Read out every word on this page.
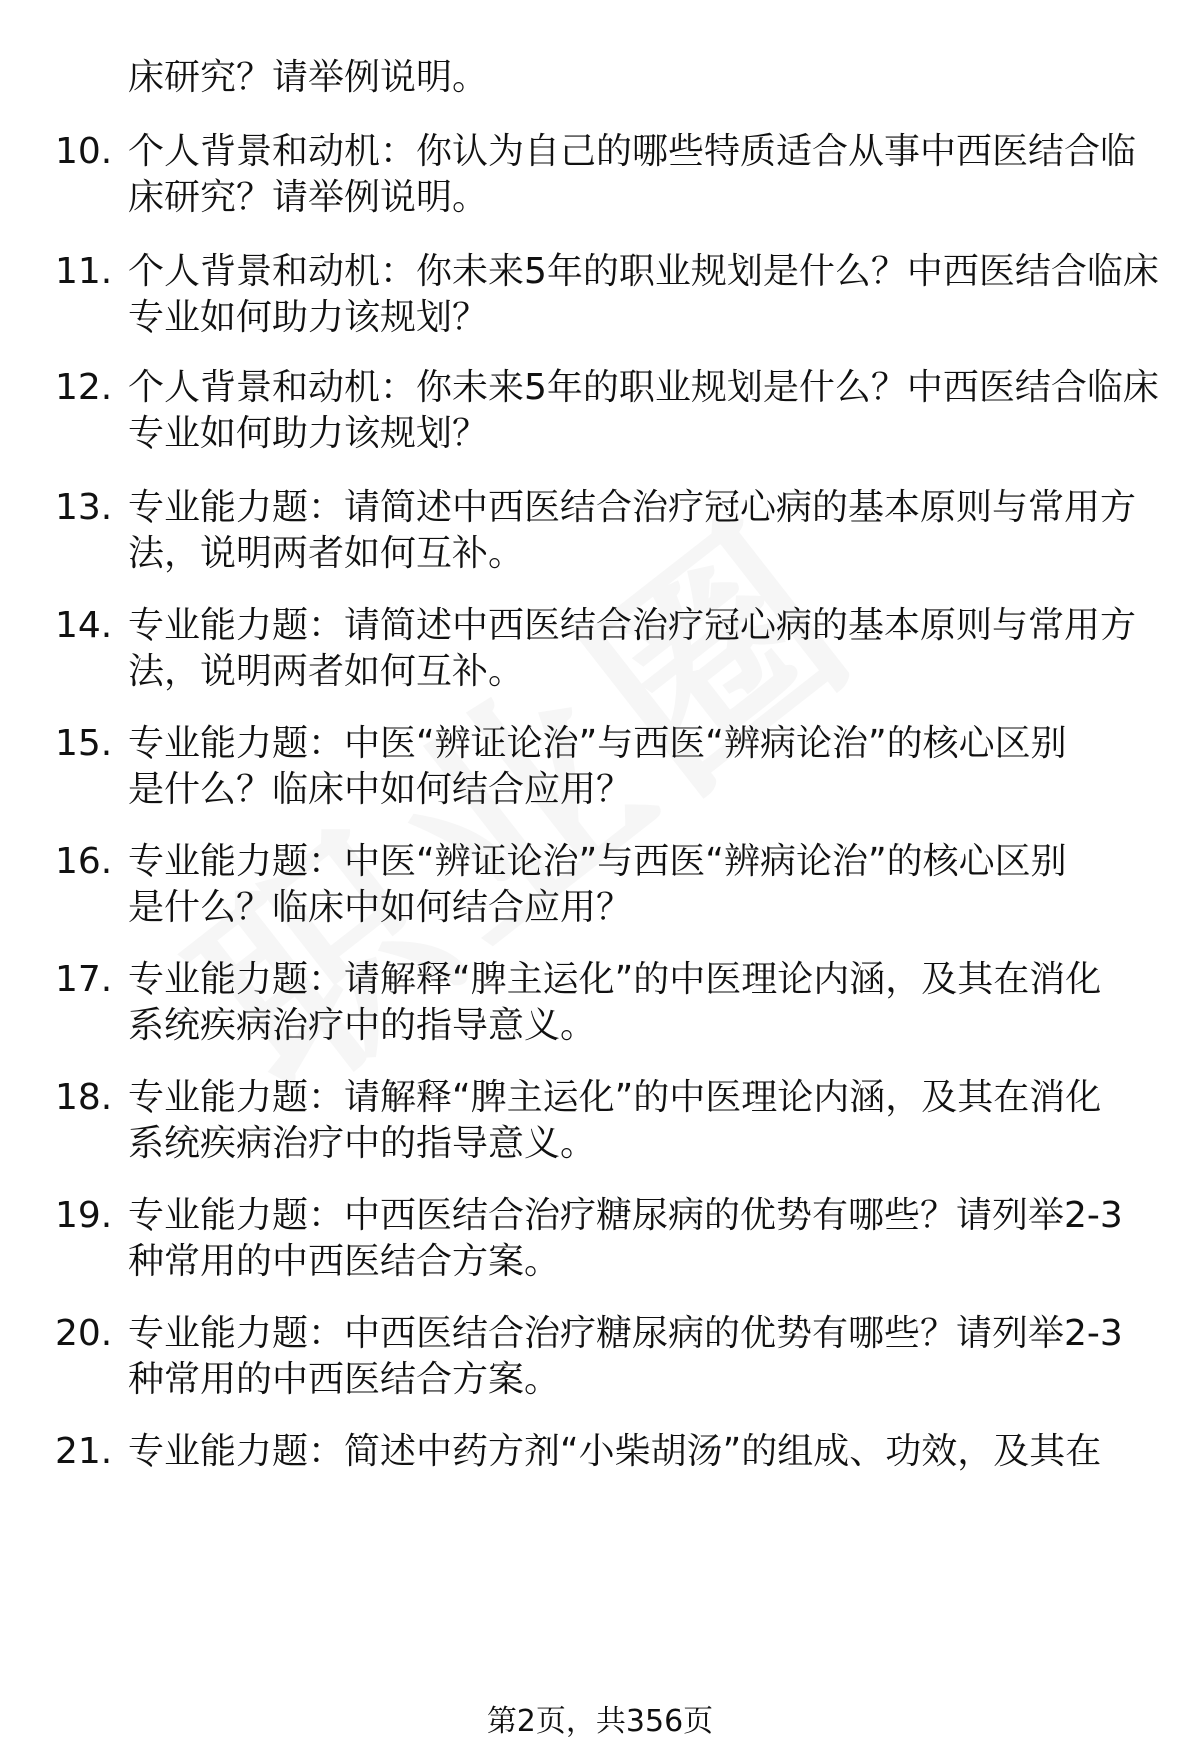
床研究？请举例说明。
10. 个人背景和动机：你认为自己的哪些特质适合从事中西医结合临
床研究？请举例说明。
11. 个人背景和动机：你未来5年的职业规划是什么？中西医结合临床
专业如何助力该规划？
12. 个人背景和动机：你未来5年的职业规划是什么？中西医结合临床
专业如何助力该规划？
13. 专业能力题：请简述中西医结合治疗冠心病的基本原则与常用方
法，说明两者如何互补。
14. 专业能力题：请简述中西医结合治疗冠心病的基本原则与常用方
法，说明两者如何互补。
15. 专业能力题：中医“辨证论治”与西医“辨病论治”的核心区别
是什么？临床中如何结合应用？
16. 专业能力题：中医“辨证论治”与西医“辨病论治”的核心区别
是什么？临床中如何结合应用？
17. 专业能力题：请解释“脾主运化”的中医理论内涵，及其在消化
系统疾病治疗中的指导意义。
18. 专业能力题：请解释“脾主运化”的中医理论内涵，及其在消化
系统疾病治疗中的指导意义。
19. 专业能力题：中西医结合治疗糖尿病的优势有哪些？请列举2-3
种常用的中西医结合方案。
20. 专业能力题：中西医结合治疗糖尿病的优势有哪些？请列举2-3
种常用的中西医结合方案。
21. 专业能力题：简述中药方剂“小柴胡汤”的组成、功效，及其在
第2页，共356页
